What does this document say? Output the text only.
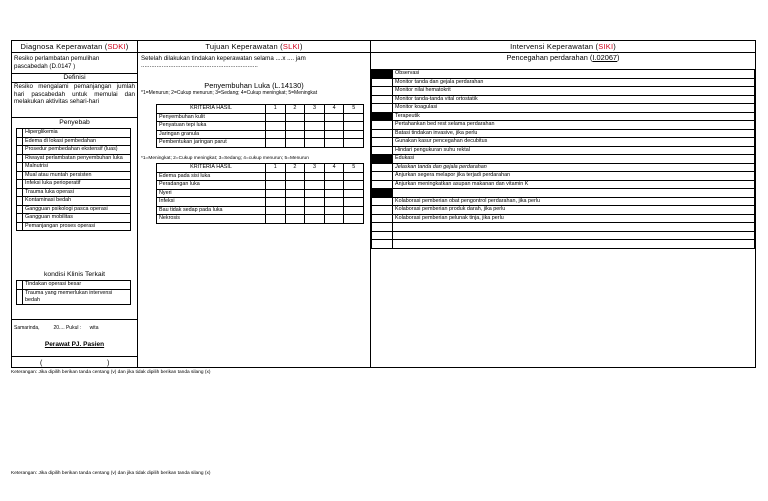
Diagnosa Keperawatan (SDKI)	Tujuan Keperawatan (SLKI)	Intervensi Keperawatan (SIKI)
Resiko perlambatan pemulihan pascabedah (D.0147 )
Definisi
Resiko mengalami pemanjangan jumlah hari pascabedah untuk memulai dan melakukan aktivitas sehari-hari
Penyebab
	Hiperglikemia
	Edema di lokasi pembedahan
	Prosedur pembedahan ekstensif (luas)
	Riwayat perlambatan penyembuhan luka
	Malnutrisi
	Mual atau muntah persisten
	Infeksi luka perioperatif
	Trauma luka operasi
	Kontaminasi bedah
	Gangguan psikologi pasca operasi
	Gangguan mobilitas
	Pemanjangan proses operasi
kondisi Klinis Terkait
	Tindakan operasi besar
	Trauma yang memerlukan intervensi bedah
Samarinda,          20.... Pukul :      wita
Perawat PJ. Pasien
(	)
Setelah dilakukan tindakan keperawatan selama ....x .... jam
....................................................................
Penyembuhan Luka (L.14130)
*1=Menurun; 2=Cukup menurun; 3=Sedang; 4=Cukup meningkat; 5=Meningkat
KRITERIA HASIL	1	2	3	4	5
Penyembuhan kulit					
Penyatuan tepi luka					
Jaringan granula					
Pembentukan jaringan parut					
*1=Meningkat; 2=Cukup meningkat; 3=Sedang; 4=cukup menurun; 5=Menurun
KRITERIA HASIL	1	2	3	4	5
Edema pada sisi luka					
Peradangan luka					
Nyeri					
Infeksi					
Bau tidak sedap pada luka					
Nekrosis					
Pencegahan perdarahan (I.02067)
	Observasi
	Monitor tanda dan gejala perdarahan
	Monitor nilai hematokrit
	Monitor tanda-tanda vital ortostatik
	Monitor koagulasi
	Terapeutik
	Pertahankan bed rest selama perdarahan
	Batasi tindakan invasive, jika perlu
	Gunakan kasur pencegahan decubitus
	Hindari pengukuran suhu rektal
	Edukasi
	Jelaskan tanda dan gejala perdarahan
	Anjurkan segera melapor jika terjadi perdarahan
	Anjurkan meningkatkan asupan makanan dan vitamin K

	Kolaborasi pemberian obat pengontrol perdarahan, jika perlu
	Kolaborasi pemberian produk darah, jika perlu
	Kolaborasi pemberian pelunak tinja, jika perlu

Keterangan: Jika dipilih berikan tanda centang (v) dan jika tidak dipilih berikan tanda silang (x)
Keterangan: Jika dipilih berikan tanda centang (v) dan jika tidak dipilih berikan tanda silang (x)
